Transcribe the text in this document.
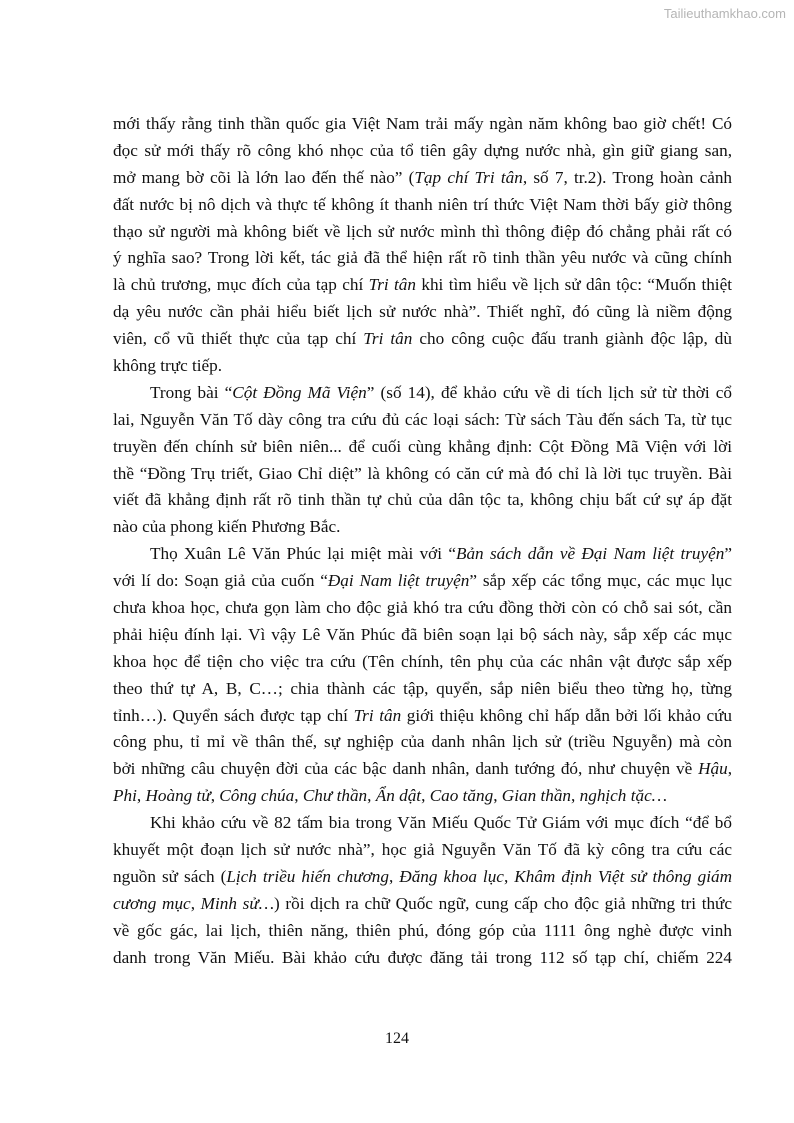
Tailieuthamkhao.com
mới thấy rằng tinh thần quốc gia Việt Nam trải mấy ngàn năm không bao giờ chết! Có
đọc sử mới thấy rõ công khó nhọc của tổ tiên gây dựng nước nhà, gìn giữ giang san,
mở mang bờ cõi là lớn lao đến thế nào” (Tạp chí Tri tân, số 7, tr.2). Trong hoàn cảnh
đất nước bị nô dịch và thực tế không ít thanh niên trí thức Việt Nam thời bấy giờ thông
thạo sử người mà không biết về lịch sử nước mình thì thông điệp đó chẳng phải rất có
ý nghĩa sao? Trong lời kết, tác giả đã thể hiện rất rõ tinh thần yêu nước và cũng chính
là chủ trương, mục đích của tạp chí Tri tân khi tìm hiểu về lịch sử dân tộc: “Muốn thiệt
dạ yêu nước cần phải hiểu biết lịch sử nước nhà”. Thiết nghĩ, đó cũng là niềm động
viên, cổ vũ thiết thực của tạp chí Tri tân cho công cuộc đấu tranh giành độc lập, dù
không trực tiếp.
Trong bài “Cột Đồng Mã Viện” (số 14), để khảo cứu về di tích lịch sử từ thời cổ
lai, Nguyễn Văn Tố dày công tra cứu đủ các loại sách: Từ sách Tàu đến sách Ta, từ tục
truyền đến chính sử biên niên... để cuối cùng khẳng định: Cột Đồng Mã Viện với lời
thề “Đồng Trụ triết, Giao Chỉ diệt” là không có căn cứ mà đó chỉ là lời tục truyền. Bài
viết đã khẳng định rất rõ tinh thần tự chủ của dân tộc ta, không chịu bất cứ sự áp đặt
nào của phong kiến Phương Bắc.
Thọ Xuân Lê Văn Phúc lại miệt mài với “Bản sách dẫn về Đại Nam liệt truyện”
với lí do: Soạn giả của cuốn “Đại Nam liệt truyện” sắp xếp các tổng mục, các mục lục
chưa khoa học, chưa gọn làm cho độc giả khó tra cứu đồng thời còn có chỗ sai sót, cần
phải hiệu đính lại. Vì vậy Lê Văn Phúc đã biên soạn lại bộ sách này, sắp xếp các mục
khoa học để tiện cho việc tra cứu (Tên chính, tên phụ của các nhân vật được sắp xếp
theo thứ tự A, B, C…; chia thành các tập, quyển, sắp niên biểu theo từng họ, từng
tỉnh…). Quyển sách được tạp chí Tri tân giới thiệu không chỉ hấp dẫn bởi lối khảo cứu
công phu, tỉ mỉ về thân thế, sự nghiệp của danh nhân lịch sử (triều Nguyễn) mà còn
bởi những câu chuyện đời của các bậc danh nhân, danh tướng đó, như chuyện về Hậu,
Phi, Hoàng tử, Công chúa, Chư thần, Ẩn dật, Cao tăng, Gian thần, nghịch tặc…
Khi khảo cứu về 82 tấm bia trong Văn Miếu Quốc Tử Giám với mục đích “để bổ
khuyết một đoạn lịch sử nước nhà”, học giả Nguyễn Văn Tố đã kỳ công tra cứu các
nguồn sử sách (Lịch triều hiến chương, Đăng khoa lục, Khâm định Việt sử thông giám
cương mục, Minh sử…) rồi dịch ra chữ Quốc ngữ, cung cấp cho độc giả những tri thức
về gốc gác, lai lịch, thiên năng, thiên phú, đóng góp của 1111 ông nghè được vinh
danh trong Văn Miếu. Bài khảo cứu được đăng tải trong 112 số tạp chí, chiếm 224
124
